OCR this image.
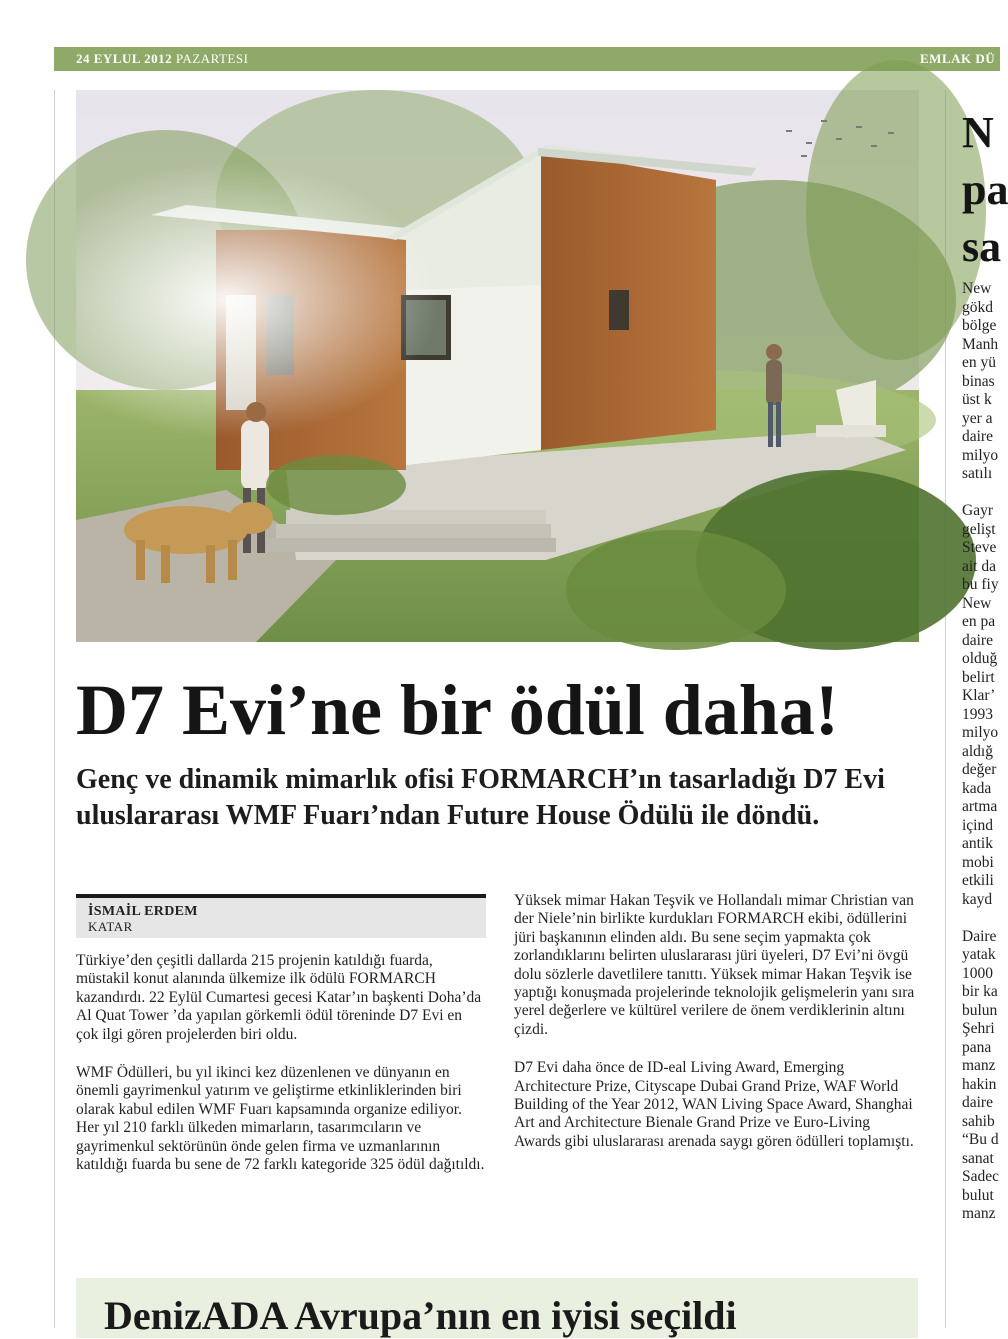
24 EYLUL 2012 PAZARTESI	EMLAK DÜ
D7 Evi’ne bir ödül daha!
Genç ve dinamik mimarlık ofisi FORMARCH’ın tasarladığı D7 Evi uluslararası WMF Fuarı’ndan Future House Ödülü ile döndü.
İSMAİL ERDEM
KATAR

Türkiye’den çeşitli dallarda 215 projenin katıldığı fuarda, müstakil konut alanında ülkemize ilk ödülü FORMARCH kazandırdı. 22 Eylül Cumartesi gecesi Katar’ın başkenti Doha’da Al Quat Tower ’da yapılan görkemli ödül töreninde D7 Evi en çok ilgi gören projelerden biri oldu.

WMF Ödülleri, bu yıl ikinci kez düzenlenen ve dünyanın en önemli gayrimenkul yatırım ve geliştirme etkinliklerinden biri olarak kabul edilen WMF Fuarı kapsamında organize ediliyor. Her yıl 210 farklı ülkeden mimarların, tasarımcıların ve gayrimenkul sektörünün önde gelen firma ve uzmanlarının katıldığı fuarda bu sene de 72 farklı kategoride 325 ödül dağıtıldı.

Yüksek mimar Hakan Teşvik ve Hollandalı mimar Christian van der Niele’nin birlikte kurdukları FORMARCH ekibi, ödüllerini jüri başkanının elinden aldı. Bu sene seçim yapmakta çok zorlandıklarını belirten uluslararası jüri üyeleri, D7 Evi’ni övgü dolu sözlerle davetlilere tanıttı. Yüksek mimar Hakan Teşvik ise yaptığı konuşmada projelerinde teknolojik gelişmelerin yanı sıra yerel değerlere ve kültürel verilere de önem verdiklerinin altını çizdi.

D7 Evi daha önce de ID-eal Living Award, Emerging Architecture Prize, Cityscape Dubai Grand Prize, WAF World Building of the Year 2012, WAN Living Space Award, Shanghai Art and Architecture Bienale Grand Prize ve Euro-Living Awards gibi uluslararası arenada saygı gören ödülleri toplamıştı.

DenizADA Avrupa’nın en iyisi seçildi
N
pa
sa
New
gökd
bölge
Manh
en yü
binas
üst k
yer a
daire
milyo
satılı
Gayr
gelişt
Steve
ait da
bu fiy
New
en pa
daire
olduğ
belirt
Klar’
1993
milyo
aldığ
değer
kada
artma
içind
antik
mobi
etkili
kayd
Daire
yatak
1000
bir ka
bulun
Şehri
pana
manz
hakin
daire
sahib
“Bu d
sanat
Sadec
bulut
manz
